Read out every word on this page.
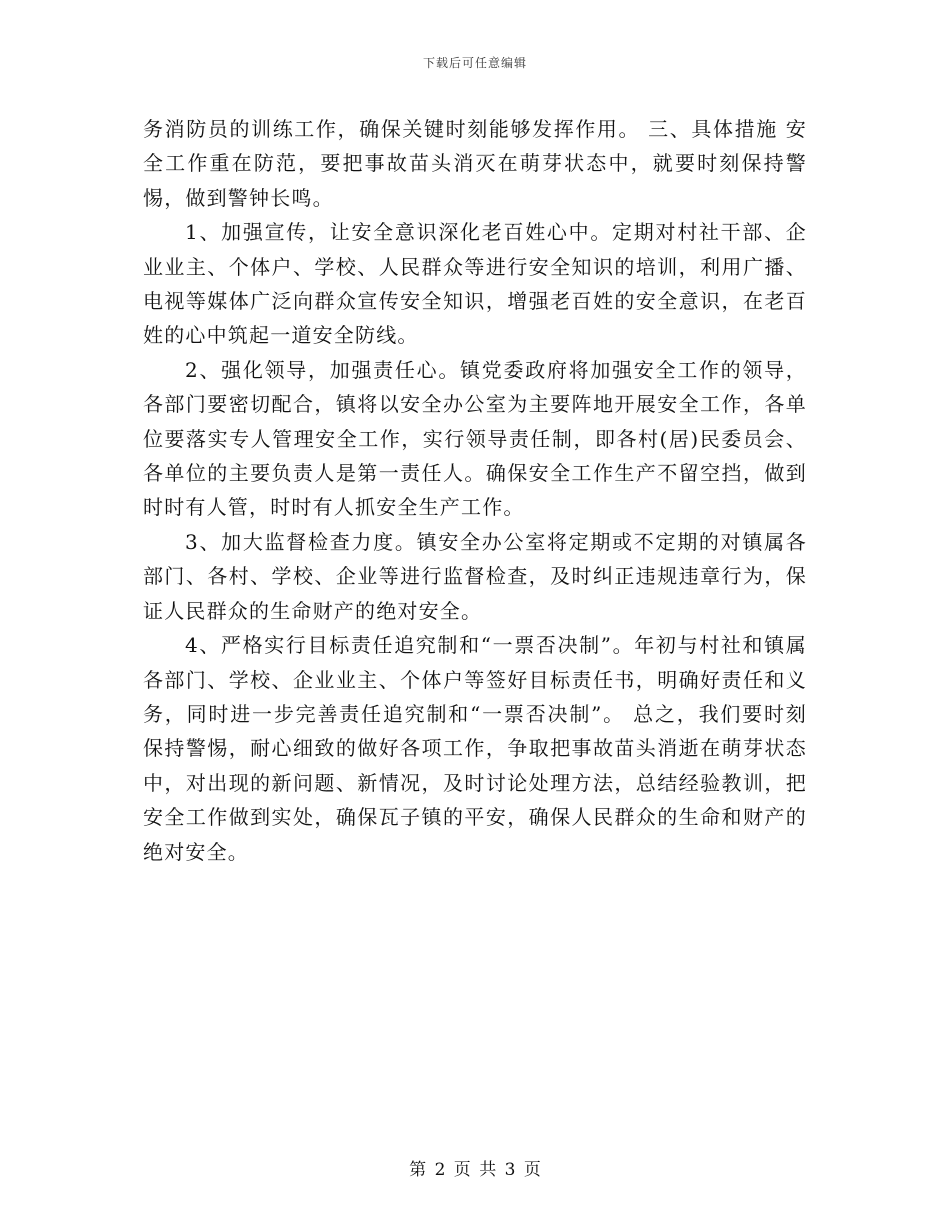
下载后可任意编辑

务消防员的训练工作，确保关键时刻能够发挥作用。 三、具体措施 安全工作重在防范，要把事故苗头消灭在萌芽状态中，就要时刻保持警惕，做到警钟长鸣。

1、加强宣传，让安全意识深化老百姓心中。定期对村社干部、企业业主、个体户、学校、人民群众等进行安全知识的培训，利用广播、电视等媒体广泛向群众宣传安全知识，增强老百姓的安全意识，在老百姓的心中筑起一道安全防线。

2、强化领导，加强责任心。镇党委政府将加强安全工作的领导，各部门要密切配合，镇将以安全办公室为主要阵地开展安全工作，各单位要落实专人管理安全工作，实行领导责任制，即各村(居)民委员会、各单位的主要负责人是第一责任人。确保安全工作生产不留空挡，做到时时有人管，时时有人抓安全生产工作。

3、加大监督检查力度。镇安全办公室将定期或不定期的对镇属各部门、各村、学校、企业等进行监督检查，及时纠正违规违章行为，保证人民群众的生命财产的绝对安全。

4、严格实行目标责任追究制和“一票否决制”。年初与村社和镇属各部门、学校、企业业主、个体户等签好目标责任书，明确好责任和义务，同时进一步完善责任追究制和“一票否决制”。 总之，我们要时刻保持警惕，耐心细致的做好各项工作，争取把事故苗头消逝在萌芽状态中，对出现的新问题、新情况，及时讨论处理方法，总结经验教训，把安全工作做到实处，确保瓦子镇的平安，确保人民群众的生命和财产的绝对安全。

第 2 页 共 3 页
